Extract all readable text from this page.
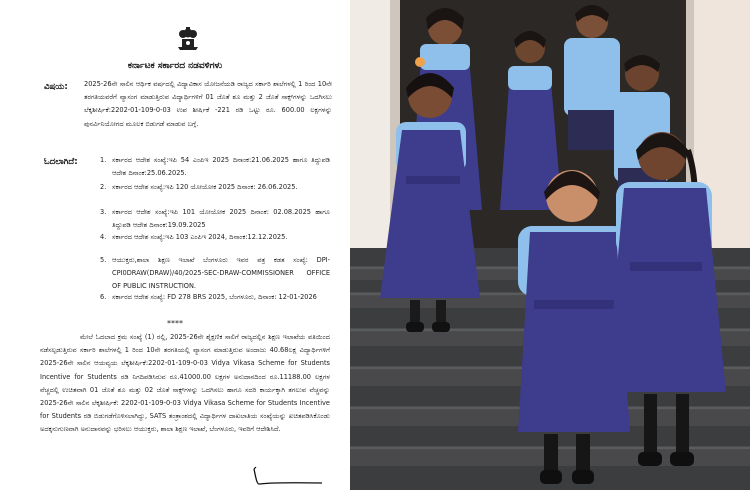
ಕರ್ನಾಟಕ ಸರ್ಕಾರದ ನಡವಳಿಗಳು
ವಿಷಯ: 2025-26ನೇ ಸಾಲಿನ ಆರ್ಥಿಕ ವರ್ಷದಲ್ಲಿ ವಿದ್ಯಾವಿಕಾಸ ಯೋಜನೆಯಡಿ ರಾಜ್ಯದ ಸರ್ಕಾರಿ ಶಾಲೆಗಳಲ್ಲಿ 1 ರಿಂದ 10ನೇ ತರಗತಿಯವರೆಗೆ ವ್ಯಾಸಂಗ ಮಾಡುತ್ತಿರುವ ವಿದ್ಯಾರ್ಥಿಗಳಿಗೆ 01 ಜೊತೆ ಶೂ ಮತ್ತು 2 ಜೊತೆ ಸಾಕ್ಸ್‌ಗಳನ್ನು ಒದಗಿಸಲು ಲೆಕ್ಕಶೀರ್ಷಿಕೆ:2202-01-109-0-03 ಉಪ ಶೀರ್ಷಿಕೆ -221 ರಡಿ ಒಟ್ಟು ರೂ. 600.00 ಲಕ್ಷಗಳನ್ನು ಪುನರ್ವಿನಿಯೋಗದ ಮೂಲಕ ಬಿಡುಗಡೆ ಮಾಡುವ ಬಗ್ಗೆ.
ಓದಲಾಗಿದೆ:	1. ಸರ್ಕಾರದ ಆದೇಶ ಸಂಖ್ಯೆ:ಇಪಿ 54 ಎಂಪಿಇ 2025 ದಿನಾಂಕ:21.06.2025 ಹಾಗೂ ತಿದ್ದುಪಡಿ ಆದೇಶ ದಿನಾಂಕ:25.06.2025.
2. ಸರ್ಕಾರದ ಆದೇಶ ಸಂಖ್ಯೆ:ಇಪಿ 120 ಯೋಯೋಕ 2025 ದಿನಾಂಕ: 26.06.2025.
3. ಸರ್ಕಾರದ ಆದೇಶ ಸಂಖ್ಯೆ:ಇಪಿ 101 ಯೋಯೋಕ 2025 ದಿನಾಂಕ: 02.08.2025 ಹಾಗೂ ತಿದ್ದುಪಡಿ ಆದೇಶ ದಿನಾಂಕ:19.09.2025
4. ಸರ್ಕಾರದ ಆದೇಶ ಸಂಖ್ಯೆ:ಇಪಿ 103 ಎಂಪಿಇ 2024, ದಿನಾಂಕ:12.12.2025.
5. ಆಯುಕ್ತರು,ಶಾಲಾ ಶಿಕ್ಷಣ ಇಲಾಖೆ ಬೆಂಗಳೂರು ಇವರ ಪತ್ರ ಕಡತ ಸಂಖ್ಯೆ: DPI- CPI0DRAW(DRAW)/40/2025-SEC-DRAW-COMMISSIONER OFFICE OF PUBLIC INSTRUCTION.
6. ಸರ್ಕಾರದ ಆದೇಶ ಸಂಖ್ಯೆ: FD 278 BRS 2025, ಬೆಂಗಳೂರು, ದಿನಾಂಕ: 12-01-2026
****
ಮೇಲೆ ಓದಲಾದ ಕ್ರಮ ಸಂಖ್ಯೆ (1) ರಲ್ಲಿ, 2025-26ನೇ ಶೈಕ್ಷಣಿಕ ಸಾಲಿಗೆ ರಾಜ್ಯದಲ್ಲಿನ ಶಿಕ್ಷಣ ಇಲಾಖೆಯ ವತಿಯಿಂದ ನಡೆಸಲ್ಪಡುತ್ತಿರುವ ಸರ್ಕಾರಿ ಶಾಲೆಗಳಲ್ಲಿ 1 ರಿಂದ 10ನೇ ತರಗತಿಯಲ್ಲಿ ವ್ಯಾಸಂಗ ಮಾಡುತ್ತಿರುವ ಅಂದಾಜು 40.68ಲಕ್ಷ ವಿದ್ಯಾರ್ಥಿಗಳಿಗೆ 2025-26ನೇ ಸಾಲಿನ ಆಯವ್ಯಯ ಲೆಕ್ಕಶೀರ್ಷಿಕೆ:2202-01-109-0-03 Vidya Vikasa Scheme for Students Incentive for Students ರಡಿ ನಿಗದಿಪಡಿಸಿರುವ ರೂ.41000.00 ಲಕ್ಷಗಳ ಅನುದಾನದಿಂದ ರೂ.11188.00 ಲಕ್ಷಗಳ ವೆಚ್ಚದಲ್ಲಿ ಉಚಿತವಾಗಿ 01 ಜೊತೆ ಶೂ ಮತ್ತು 02 ಜೊತೆ ಸಾಕ್ಸ್‌ಗಳನ್ನು ಒದಗಿಸಲು ಹಾಗೂ ಸದರಿ ಕಾರ್ಯಕ್ಕಾಗಿ ತಗಲುವ ವೆಚ್ಚವನ್ನು 2025-26ನೇ ಸಾಲಿನ ಲೆಕ್ಕಶೀರ್ಷಿಕೆ: 2202-01-109-0-03 Vidya Vikasa Scheme for Students Incentive for Students ರಡಿ ಬಿಡುಗಡೆಗೊಳಿಸಲಾಗಿದ್ದು, SATS ತಂತ್ರಾಂಶದಲ್ಲಿ ವಿದ್ಯಾರ್ಥಿಗಳ ದಾಖಲಾತಿಯ ಸಂಖ್ಯೆಯನ್ನು ಖಚಿತಪಡಿಸಿಕೊಂಡು ಅದಕ್ಕನುಗುಣವಾಗಿ ಅನುದಾನವನ್ನು ಭರಿಸಲು ಆಯುಕ್ತರು, ಶಾಲಾ ಶಿಕ್ಷಣ ಇಲಾಖೆ, ಬೆಂಗಳೂರು, ಇವರಿಗೆ ಆದೇಶಿಸಿದೆ.
